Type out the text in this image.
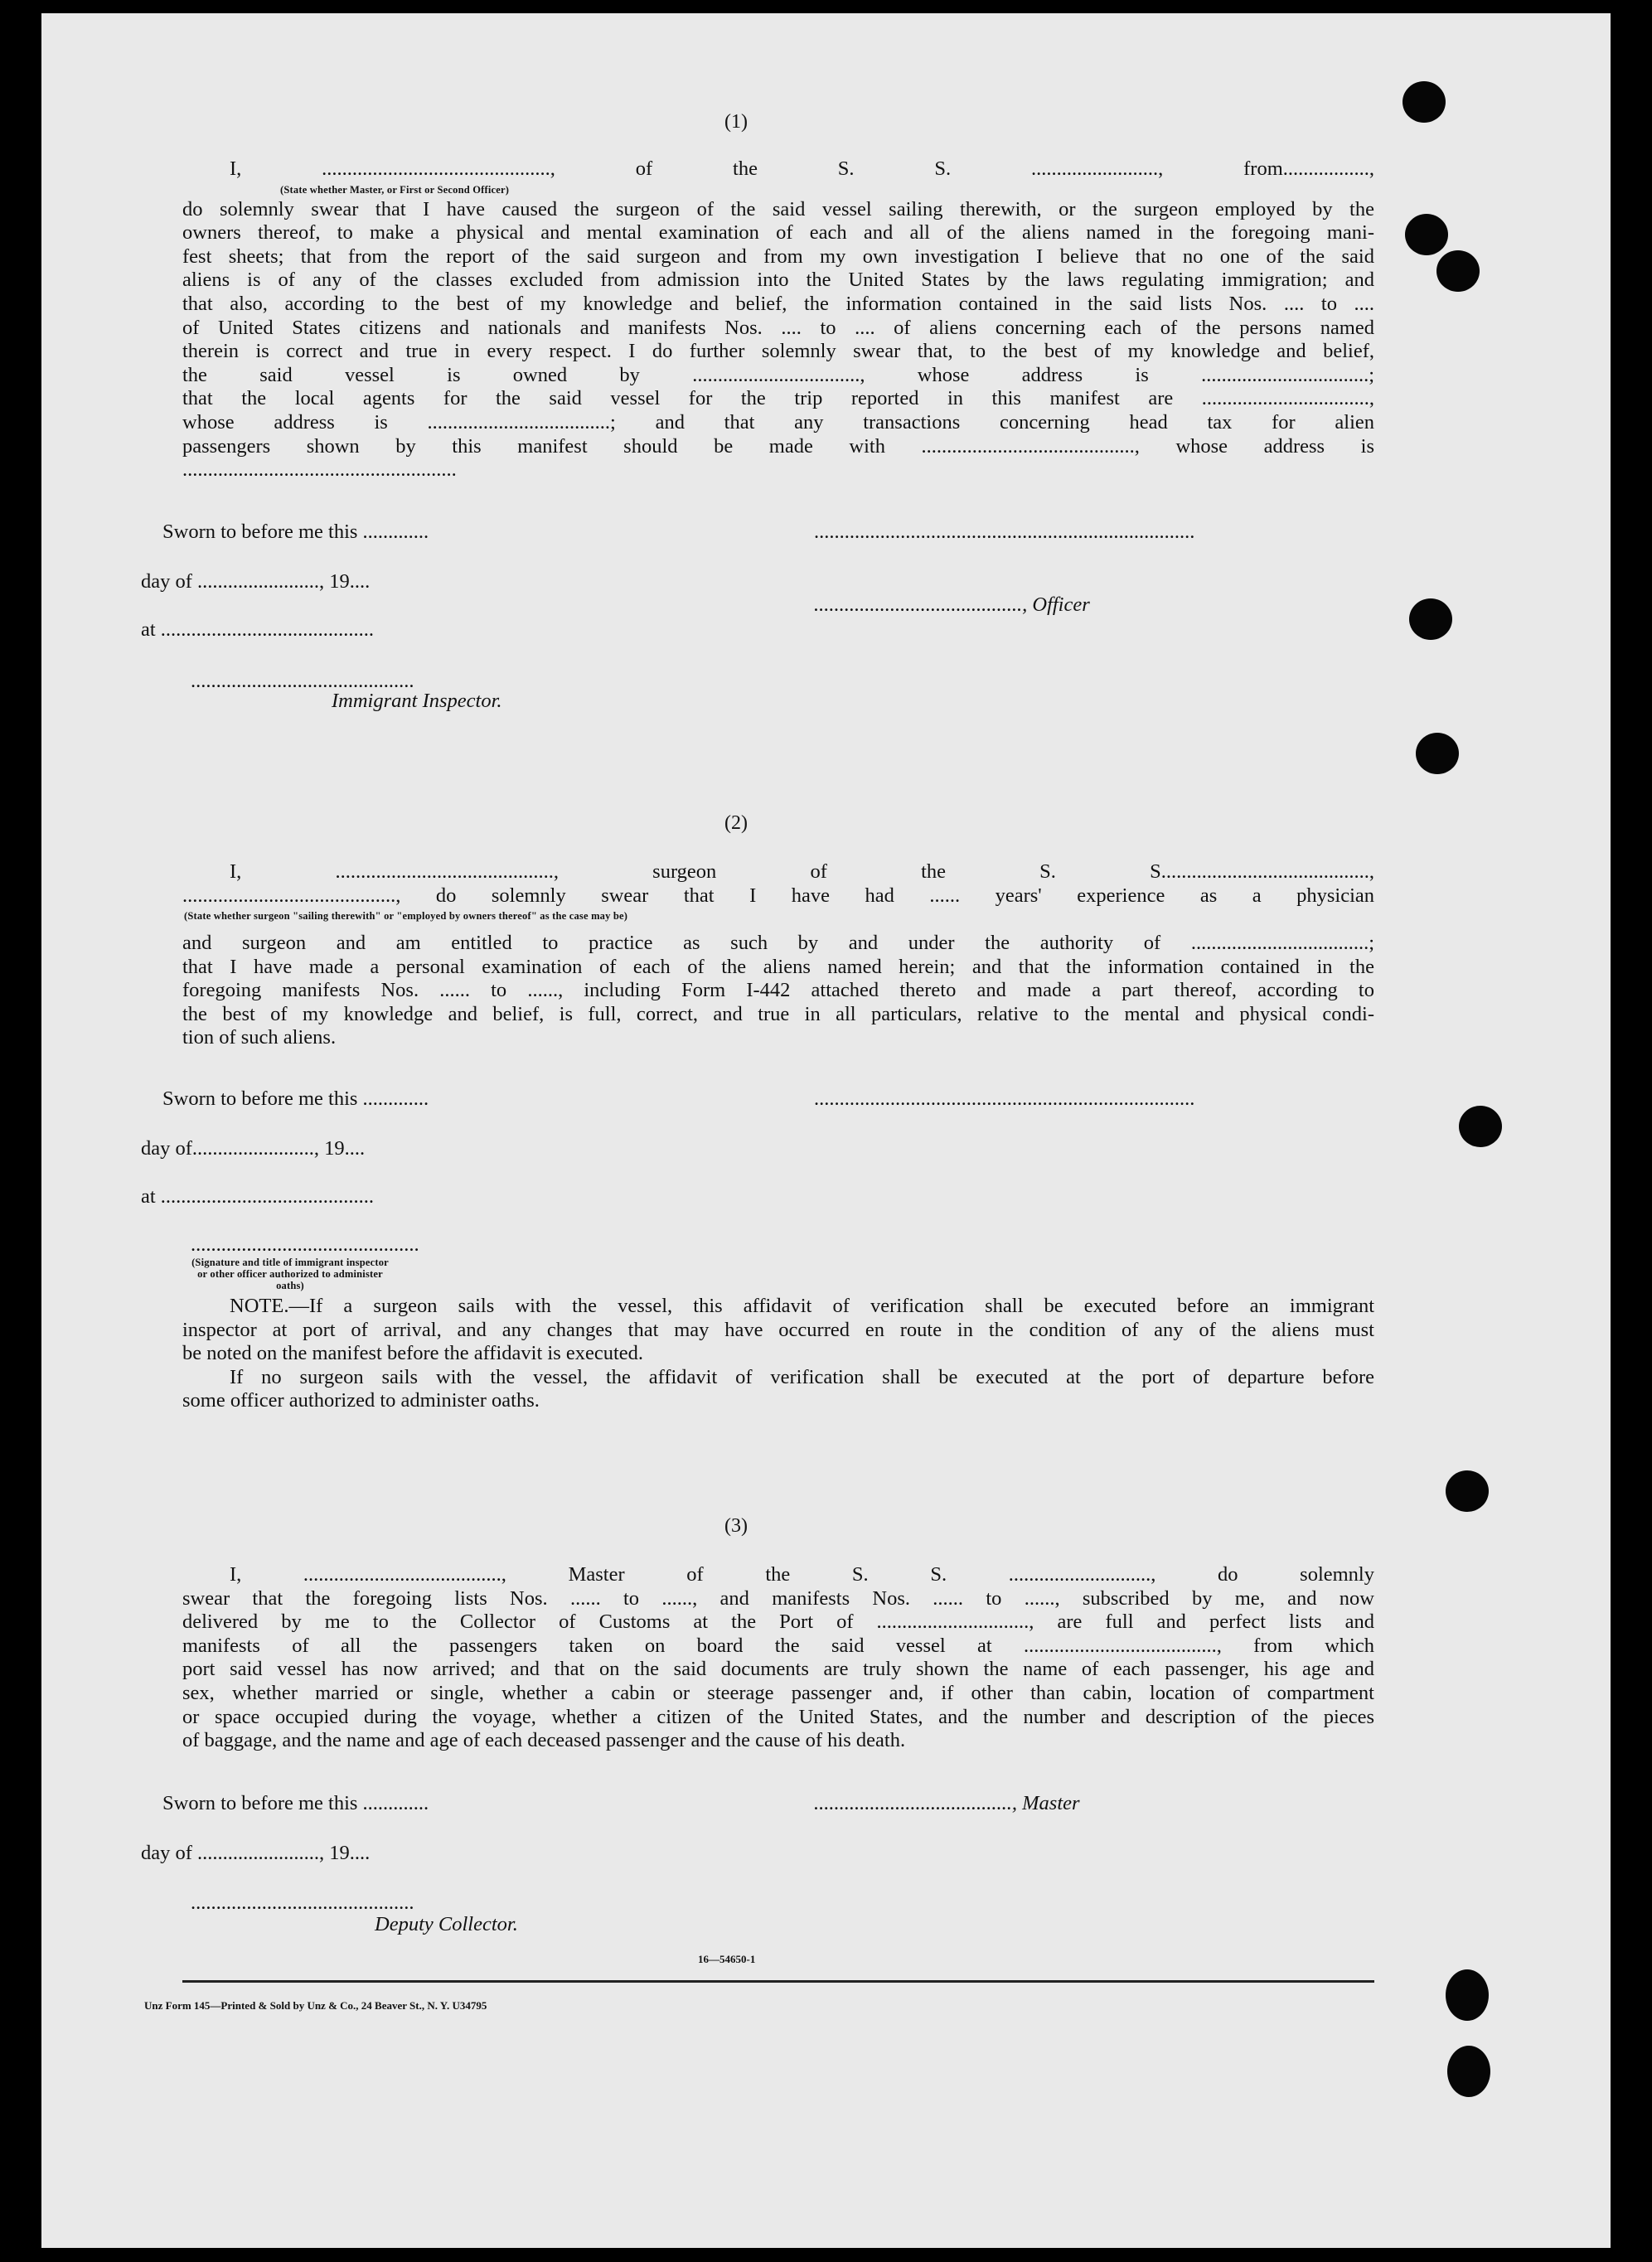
(1)
I, ............................................., of the S. S. ........................., from.................,
do solemnly swear that I have caused the surgeon of the said vessel sailing therewith, or the surgeon employed by the
owners thereof, to make a physical and mental examination of each and all of the aliens named in the foregoing mani-
fest sheets; that from the report of the said surgeon and from my own investigation I believe that no one of the said
aliens is of any of the classes excluded from admission into the United States by the laws regulating immigration; and
that also, according to the best of my knowledge and belief, the information contained in the said lists Nos. .... to ....
of United States citizens and nationals and manifests Nos. .... to .... of aliens concerning each of the persons named
therein is correct and true in every respect. I do further solemnly swear that, to the best of my knowledge and belief,
the said vessel is owned by ................................., whose address is .................................;
that the local agents for the said vessel for the trip reported in this manifest are .................................,
whose address is ....................................; and that any transactions concerning head tax for alien
passengers shown by this manifest should be made with .........................................., whose address is
......................................................
(State whether Master, or First or Second Officer)
Sworn to before me this .............	...........................................................................
day of ........................, 19....
........................................., Officer
at ..........................................
............................................
Immigrant Inspector.
(2)
I, ..........................................., surgeon of the S. S.........................................,
.........................................., do solemnly swear that I have had ...... years' experience as a physician
(State whether surgeon "sailing therewith" or "employed by owners thereof" as the case may be)
and surgeon and am entitled to practice as such by and under the authority of ...................................;
that I have made a personal examination of each of the aliens named herein; and that the information contained in the
foregoing manifests Nos. ...... to ......, including Form I-442 attached thereto and made a part thereof, according to
the best of my knowledge and belief, is full, correct, and true in all particulars, relative to the mental and physical condi-
tion of such aliens.
Sworn to before me this .............	...........................................................................
day of........................, 19....
at ..........................................
.............................................
(Signature and title of immigrant inspector or other officer authorized to administer oaths)
NOTE.—If a surgeon sails with the vessel, this affidavit of verification shall be executed before an immigrant
inspector at port of arrival, and any changes that may have occurred en route in the condition of any of the aliens must
be noted on the manifest before the affidavit is executed.
If no surgeon sails with the vessel, the affidavit of verification shall be executed at the port of departure before
some officer authorized to administer oaths.
(3)
I, ......................................., Master of the S. S. ............................, do solemnly
swear that the foregoing lists Nos. ...... to ......, and manifests Nos. ...... to ......, subscribed by me, and now
delivered by me to the Collector of Customs at the Port of .............................., are full and perfect lists and
manifests of all the passengers taken on board the said vessel at ......................................, from which
port said vessel has now arrived; and that on the said documents are truly shown the name of each passenger, his age and
sex, whether married or single, whether a cabin or steerage passenger and, if other than cabin, location of compartment
or space occupied during the voyage, whether a citizen of the United States, and the number and description of the pieces
of baggage, and the name and age of each deceased passenger and the cause of his death.
Sworn to before me this .............	......................................., Master
day of ........................, 19....
............................................
Deputy Collector.
16—54650-1
Unz Form 145—Printed & Sold by Unz & Co., 24 Beaver St., N. Y. U34795
